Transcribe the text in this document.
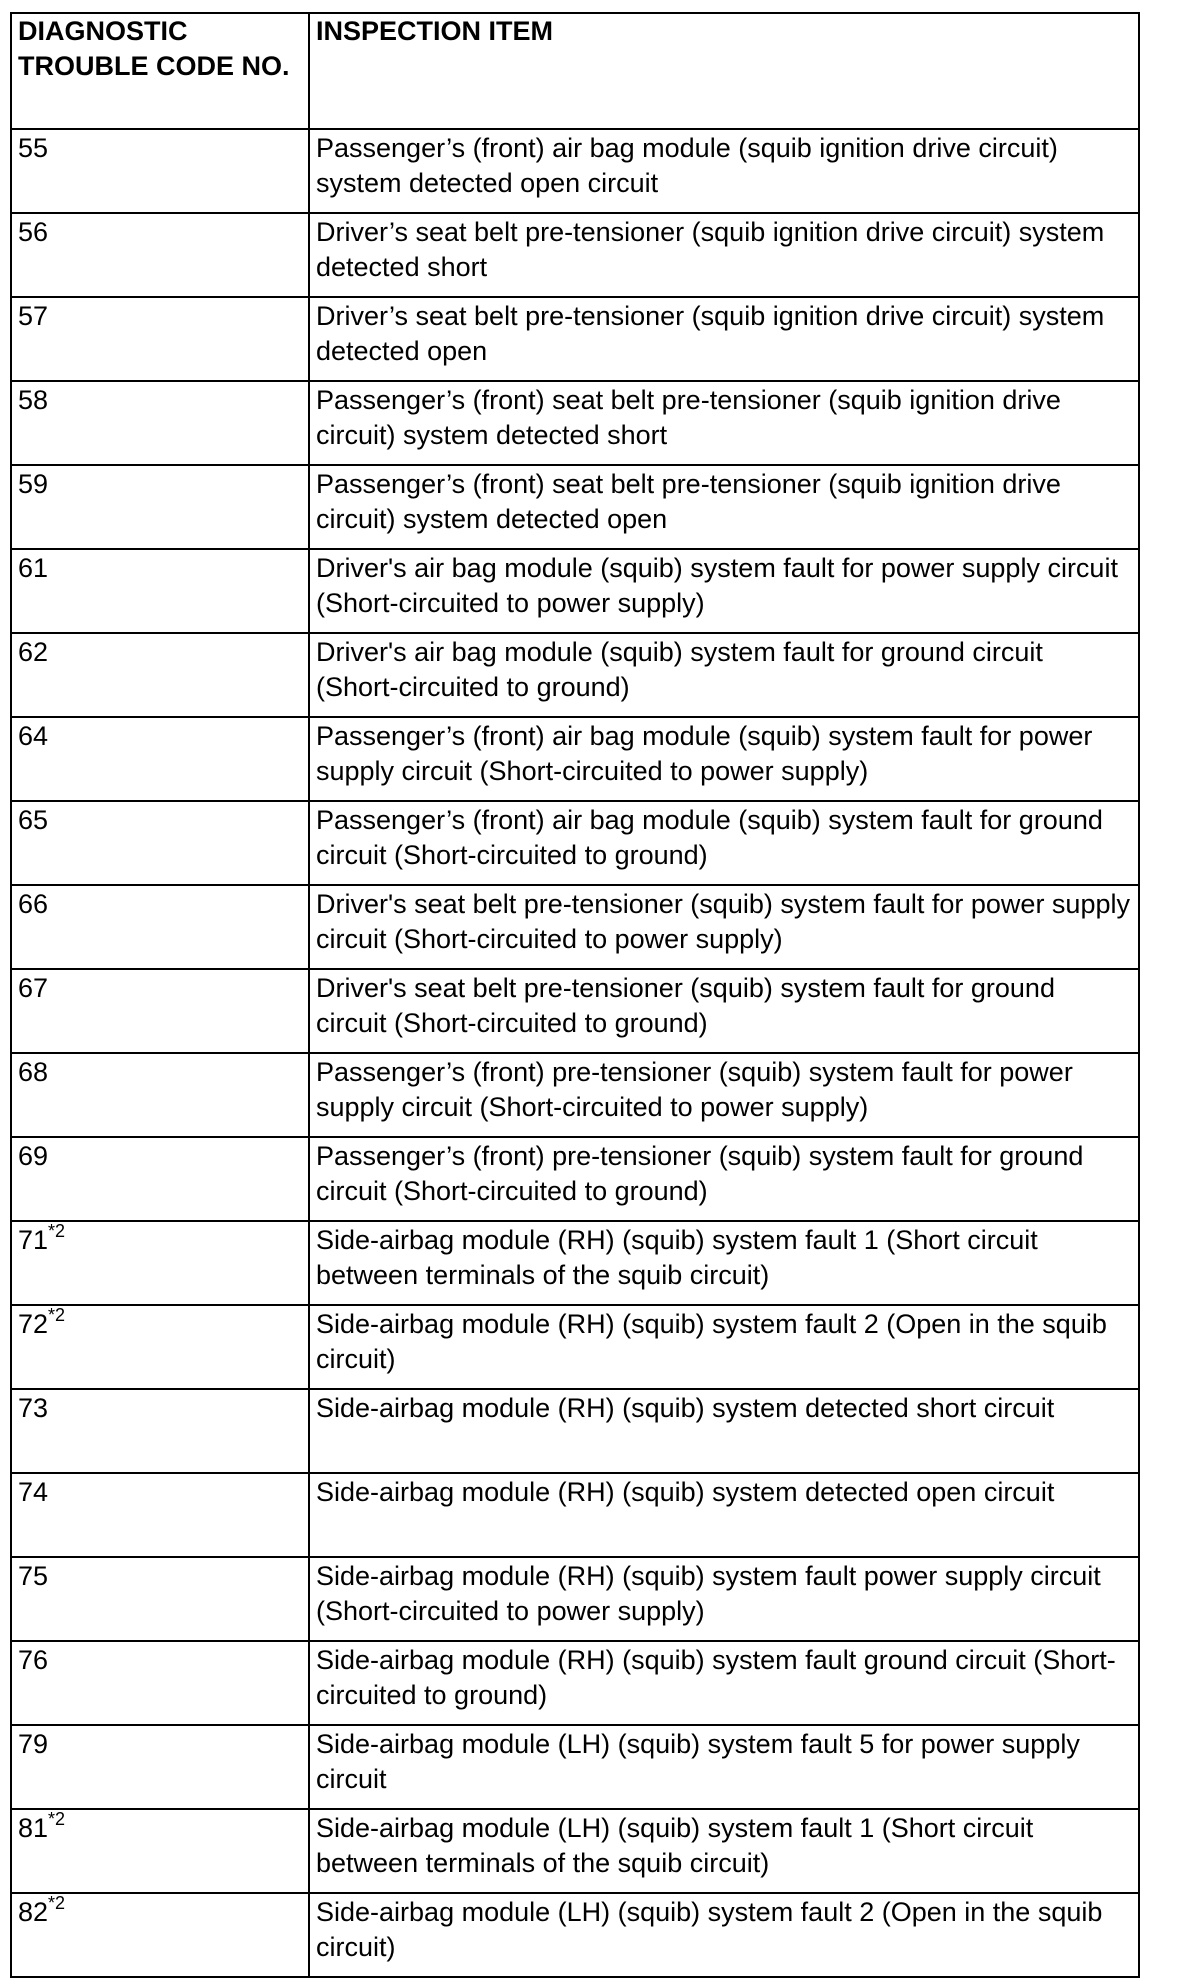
DIAGNOSTIC TROUBLE CODE NO.	INSPECTION ITEM
55	Passenger’s (front) air bag module (squib ignition drive circuit) system detected open circuit
56	Driver’s seat belt pre-tensioner (squib ignition drive circuit) system detected short
57	Driver’s seat belt pre-tensioner (squib ignition drive circuit) system detected open
58	Passenger’s (front) seat belt pre-tensioner (squib ignition drive circuit) system detected short
59	Passenger’s (front) seat belt pre-tensioner (squib ignition drive circuit) system detected open
61	Driver's air bag module (squib) system fault for power supply circuit (Short-circuited to power supply)
62	Driver's air bag module (squib) system fault for ground circuit (Short-circuited to ground)
64	Passenger’s (front) air bag module (squib) system fault for power supply circuit (Short-circuited to power supply)
65	Passenger’s (front) air bag module (squib) system fault for ground circuit (Short-circuited to ground)
66	Driver's seat belt pre-tensioner (squib) system fault for power supply circuit (Short-circuited to power supply)
67	Driver's seat belt pre-tensioner (squib) system fault for ground circuit (Short-circuited to ground)
68	Passenger’s (front) pre-tensioner (squib) system fault for power supply circuit (Short-circuited to power supply)
69	Passenger’s (front) pre-tensioner (squib) system fault for ground circuit (Short-circuited to ground)
71$^{*2}$	Side-airbag module (RH) (squib) system fault 1 (Short circuit between terminals of the squib circuit)
72$^{*2}$	Side-airbag module (RH) (squib) system fault 2 (Open in the squib circuit)
73	Side-airbag module (RH) (squib) system detected short circuit
74	Side-airbag module (RH) (squib) system detected open circuit
75	Side-airbag module (RH) (squib) system fault power supply circuit (Short-circuited to power supply)
76	Side-airbag module (RH) (squib) system fault ground circuit (Short-circuited to ground)
79	Side-airbag module (LH) (squib) system fault 5 for power supply circuit
81$^{*2}$	Side-airbag module (LH) (squib) system fault 1 (Short circuit between terminals of the squib circuit)
82$^{*2}$	Side-airbag module (LH) (squib) system fault 2 (Open in the squib circuit)
